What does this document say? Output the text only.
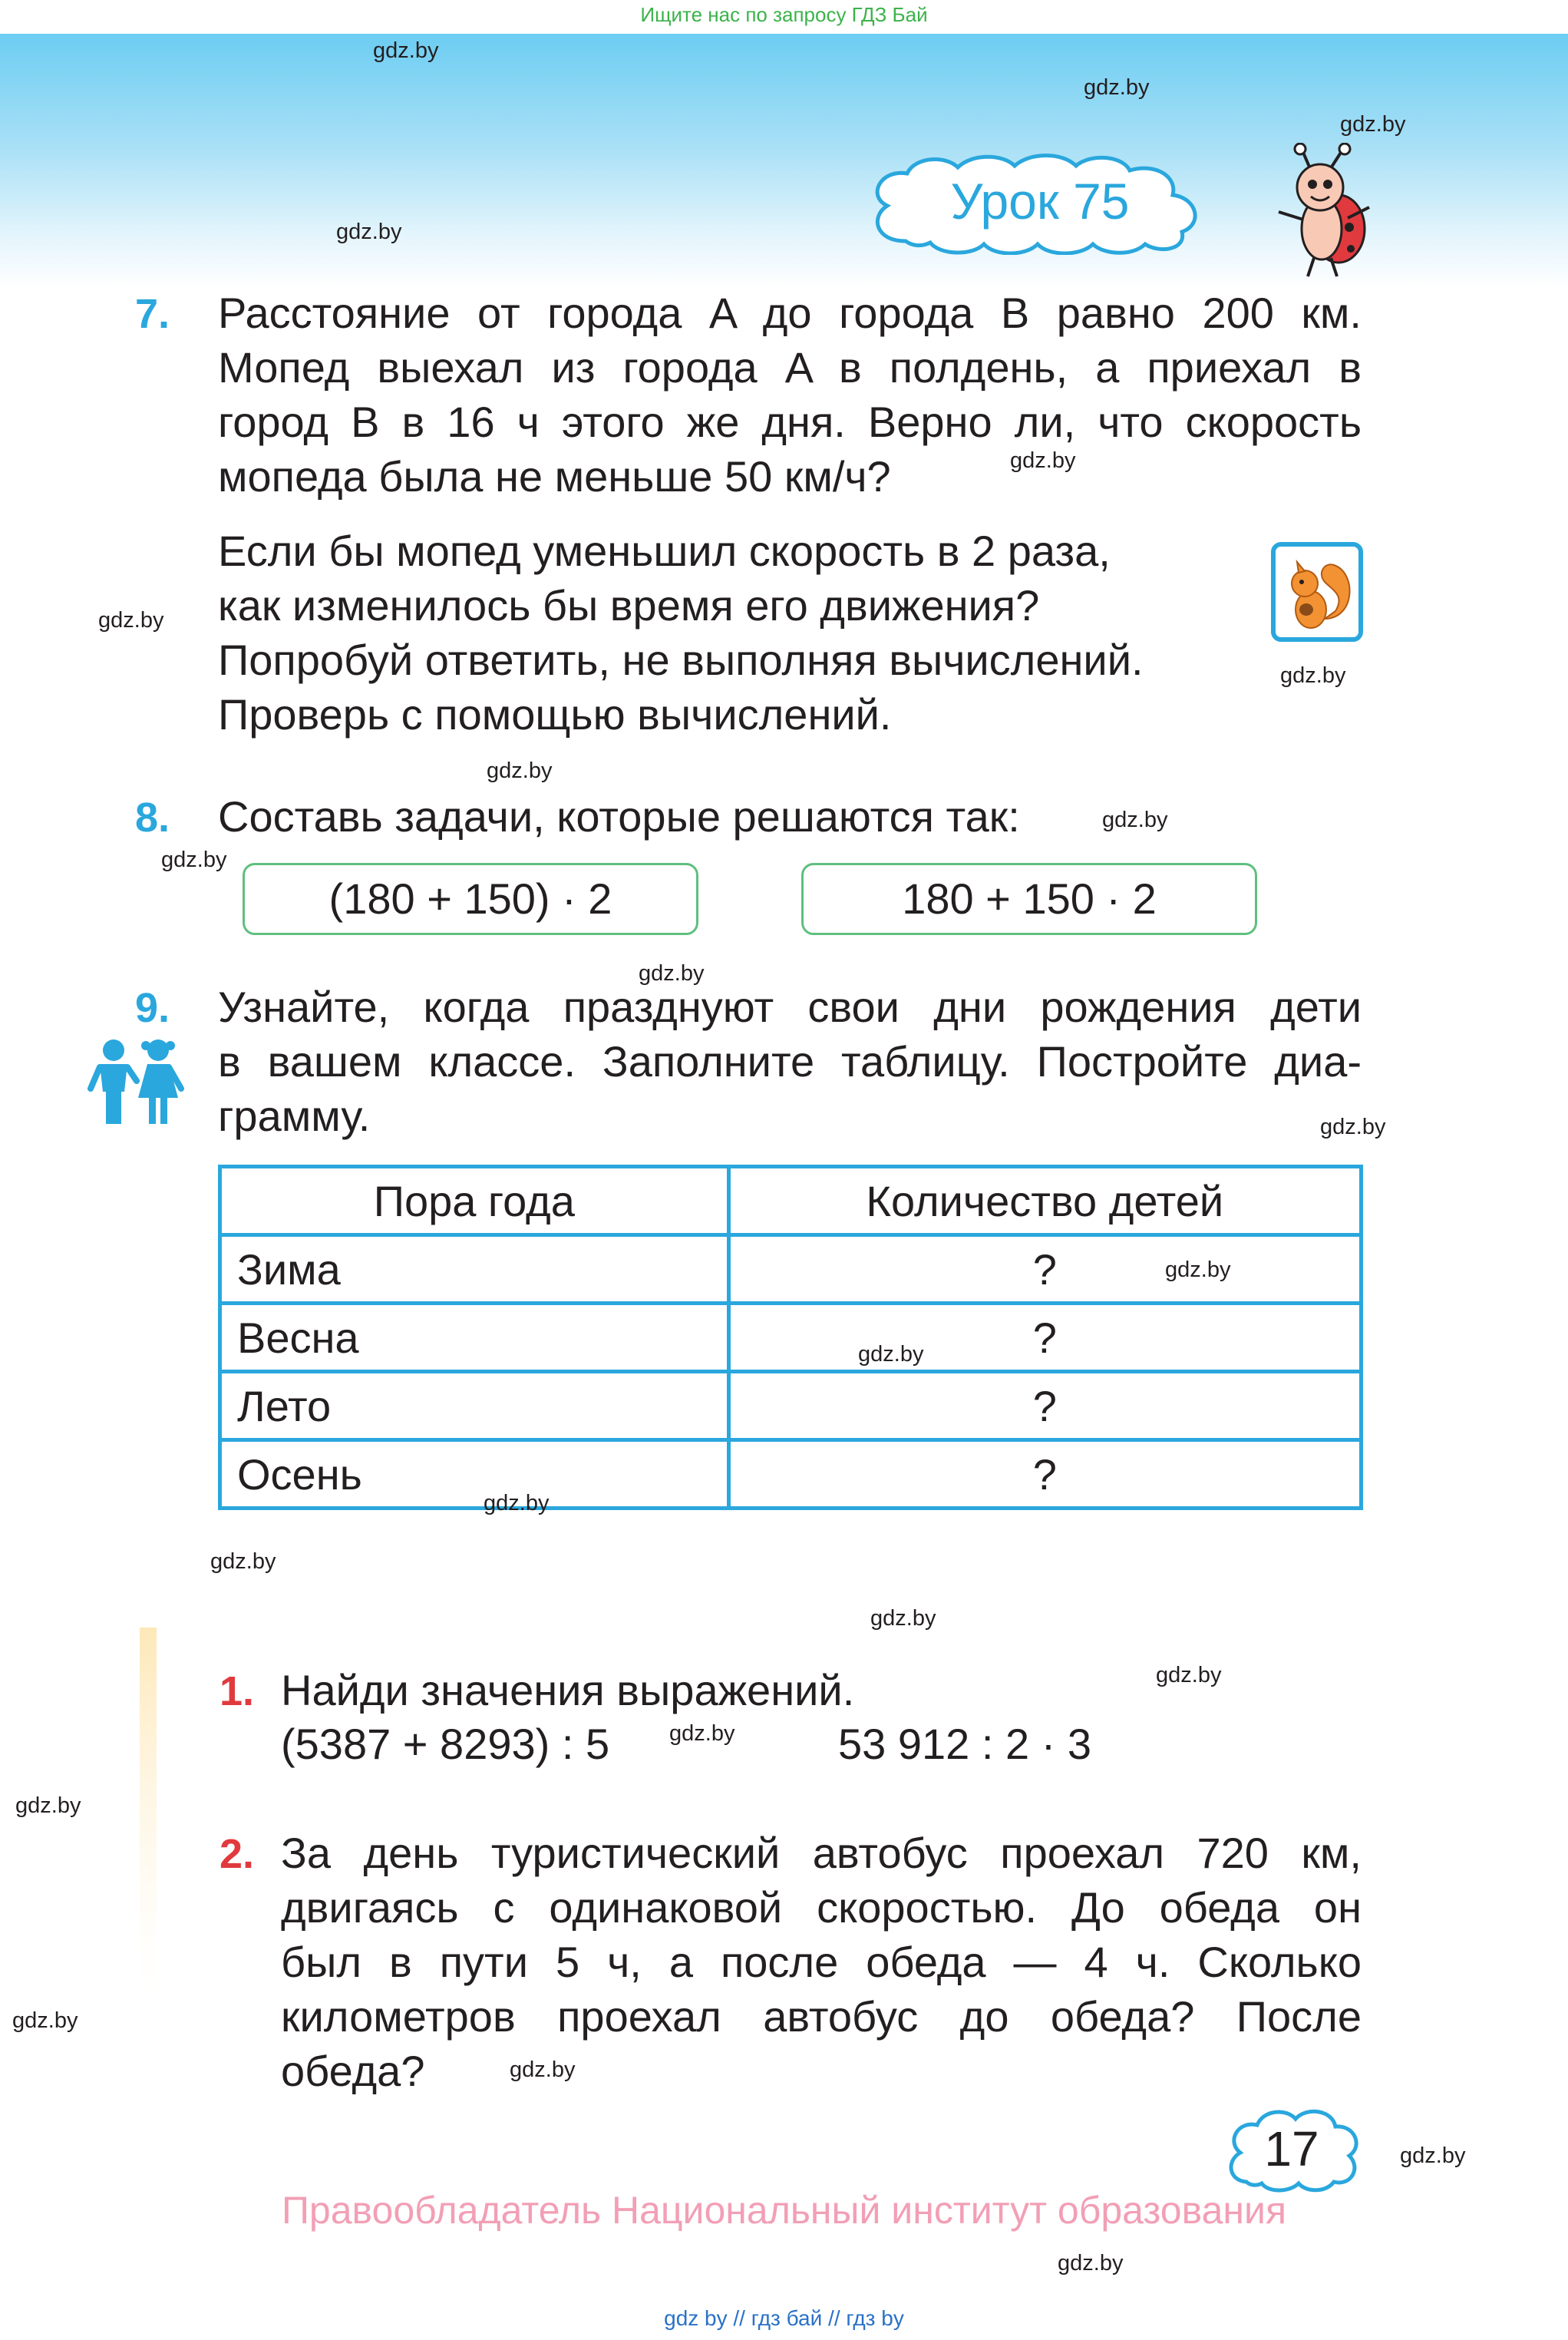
Ищите нас по запросу ГДЗ Бай
Урок 75
7. Расстояние от города A до города B равно 200 км.
Мопед выехал из города A в полдень, а приехал в
город B в 16 ч этого же дня. Верно ли, что скорость
мопеда была не меньше 50 км/ч?
Если бы мопед уменьшил скорость в 2 раза,
как изменилось бы время его движения?
Попробуй ответить, не выполняя вычислений.
Проверь с помощью вычислений.
8. Составь задачи, которые решаются так:
(180 + 150) · 2	180 + 150 · 2
9. Узнайте, когда празднуют свои дни рождения дети
в вашем классе. Заполните таблицу. Постройте диа-
грамму.
Пора года	Количество детей
Зима	?
Весна	?
Лето	?
Осень	?
1. Найди значения выражений.
(5387 + 8293) : 5	53 912 : 2 · 3
2. За день туристический автобус проехал 720 км,
двигаясь с одинаковой скоростью. До обеда он
был в пути 5 ч, а после обеда — 4 ч. Сколько
километров проехал автобус до обеда? После
обеда?
17
Правообладатель Национальный институт образования
gdz by // гдз бай // гдз by
gdz.by
gdz.by
gdz.by
gdz.by
gdz.by
gdz.by
gdz.by
gdz.by
gdz.by
gdz.by
gdz.by
gdz.by
gdz.by
gdz.by
gdz.by
gdz.by
gdz.by
gdz.by
gdz.by
gdz.by
gdz.by
gdz.by
gdz.by
gdz.by
